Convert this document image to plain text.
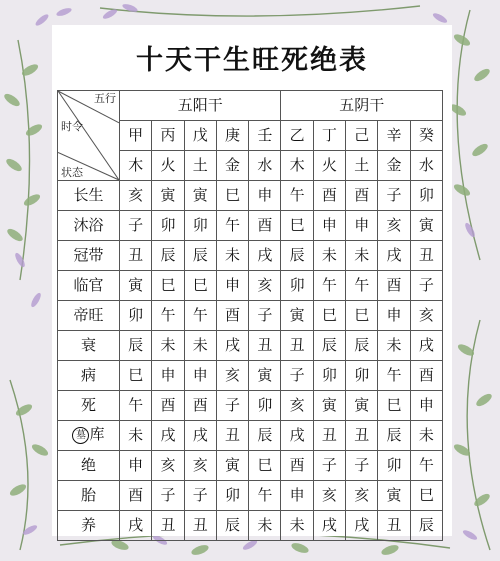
十天干生旺死绝表
五行
时令
状态	五阳干					五阴干				
	甲	丙	戊	庚	壬	乙	丁	己	辛	癸
	木	火	土	金	水	木	火	土	金	水
长生	亥	寅	寅	巳	申	午	酉	酉	子	卯
沐浴	子	卯	卯	午	酉	巳	申	申	亥	寅
冠带	丑	辰	辰	未	戌	辰	未	未	戌	丑
临官	寅	巳	巳	申	亥	卯	午	午	酉	子
帝旺	卯	午	午	酉	子	寅	巳	巳	申	亥
衰	辰	未	未	戌	丑	丑	辰	辰	未	戌
病	巳	申	申	亥	寅	子	卯	卯	午	酉
死	午	酉	酉	子	卯	亥	寅	寅	巳	申
墓 库	未	戌	戌	丑	辰	戌	丑	丑	辰	未
绝	申	亥	亥	寅	巳	酉	子	子	卯	午
胎	酉	子	子	卯	午	申	亥	亥	寅	巳
养	戌	丑	丑	辰	未	未	戌	戌	丑	辰
